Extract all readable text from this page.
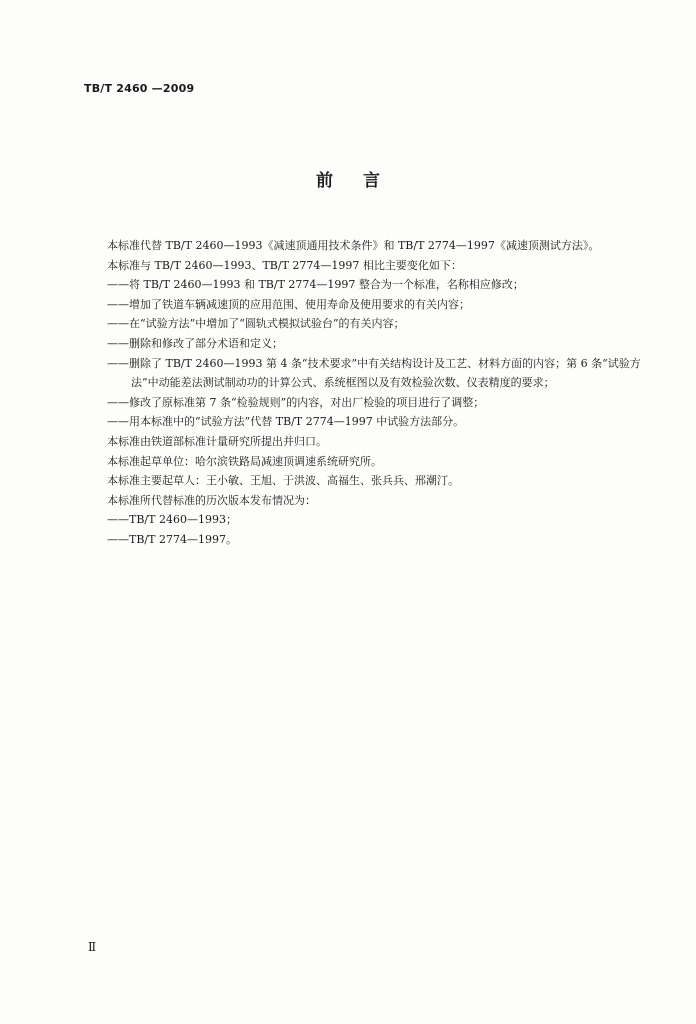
TB/T 2460 —2009
前言
本标准代替 TB/T 2460—1993《减速顶通用技术条件》和 TB/T 2774—1997《减速顶测试方法》。
本标准与 TB/T 2460—1993、TB/T 2774—1997 相比主要变化如下：
——将 TB/T 2460—1993 和 TB/T 2774—1997 整合为一个标准，名称相应修改；
——增加了铁道车辆减速顶的应用范围、使用寿命及使用要求的有关内容；
——在“试验方法”中增加了“圆轨式模拟试验台”的有关内容；
——删除和修改了部分术语和定义；
——删除了 TB/T 2460—1993 第 4 条“技术要求”中有关结构设计及工艺、材料方面的内容；第 6 条“试验方法”中动能差法测试制动功的计算公式、系统框图以及有效检验次数、仪表精度的要求；
——修改了原标准第 7 条“检验规则”的内容，对出厂检验的项目进行了调整；
——用本标准中的“试验方法”代替 TB/T 2774—1997 中试验方法部分。
本标准由铁道部标准计量研究所提出并归口。
本标准起草单位：哈尔滨铁路局减速顶调速系统研究所。
本标准主要起草人：王小敏、王旭、于洪波、高福生、张兵兵、邢潮汀。
本标准所代替标准的历次版本发布情况为：
——TB/T 2460—1993；
——TB/T 2774—1997。
Ⅱ
